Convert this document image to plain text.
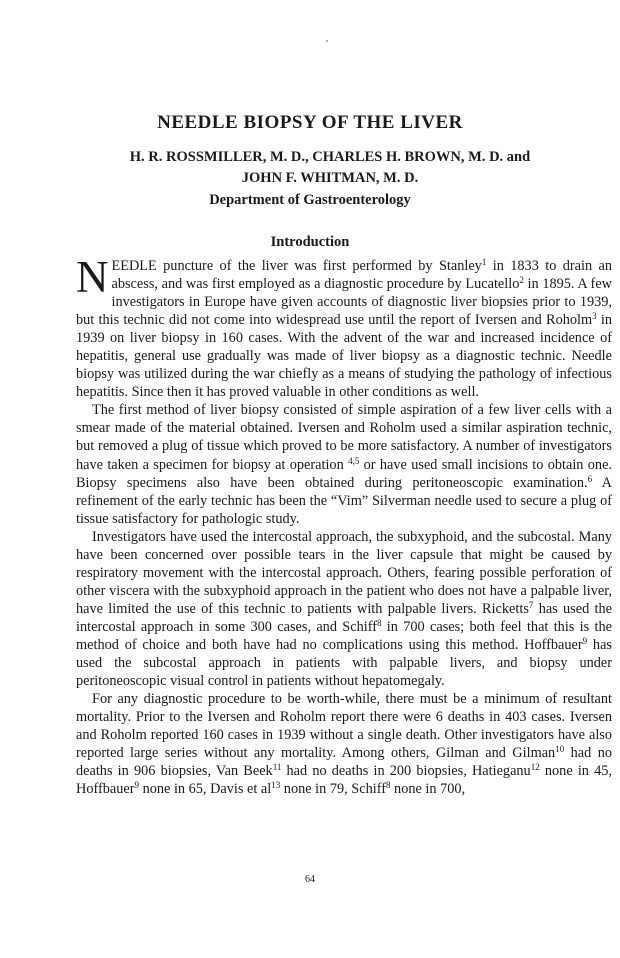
NEEDLE BIOPSY OF THE LIVER
H. R. ROSSMILLER, M. D., CHARLES H. BROWN, M. D. and
JOHN F. WHITMAN, M. D.
Department of Gastroenterology
Introduction

NEEDLE puncture of the liver was first performed by Stanley$^1$ in 1833 to drain an abscess, and was first employed as a diagnostic procedure by Lucatello$^2$ in 1895. A few investigators in Europe have given accounts of diagnostic liver biopsies prior to 1939, but this technic did not come into widespread use until the report of Iversen and Roholm$^3$ in 1939 on liver biopsy in 160 cases. With the advent of the war and increased incidence of hepatitis, general use gradually was made of liver biopsy as a diagnostic technic. Needle biopsy was utilized during the war chiefly as a means of studying the pathology of infectious hepatitis. Since then it has proved valuable in other conditions as well.

The first method of liver biopsy consisted of simple aspiration of a few liver cells with a smear made of the material obtained. Iversen and Roholm used a similar aspiration technic, but removed a plug of tissue which proved to be more satisfactory. A number of investigators have taken a specimen for biopsy at operation $^{4,5}$ or have used small incisions to obtain one. Biopsy specimens also have been obtained during peritoneoscopic examination.$^6$ A refinement of the early technic has been the “Vim” Silverman needle used to secure a plug of tissue satisfactory for pathologic study.

Investigators have used the intercostal approach, the subxyphoid, and the subcostal. Many have been concerned over possible tears in the liver capsule that might be caused by respiratory movement with the intercostal approach. Others, fearing possible perforation of other viscera with the subxyphoid approach in the patient who does not have a palpable liver, have limited the use of this technic to patients with palpable livers. Ricketts$^7$ has used the intercostal approach in some 300 cases, and Schiff$^8$ in 700 cases; both feel that this is the method of choice and both have had no complications using this method. Hoffbauer$^9$ has used the subcostal approach in patients with palpable livers, and biopsy under peritoneoscopic visual control in patients without hepatomegaly.

For any diagnostic procedure to be worth-while, there must be a minimum of resultant mortality. Prior to the Iversen and Roholm report there were 6 deaths in 403 cases. Iversen and Roholm reported 160 cases in 1939 without a single death. Other investigators have also reported large series without any mortality. Among others, Gilman and Gilman$^{10}$ had no deaths in 906 biopsies, Van Beek$^{11}$ had no deaths in 200 biopsies, Hatieganu$^{12}$ none in 45, Hoffbauer$^9$ none in 65, Davis et $al^{13}$ none in 79, Schiff$^8$ none in 700,

64
